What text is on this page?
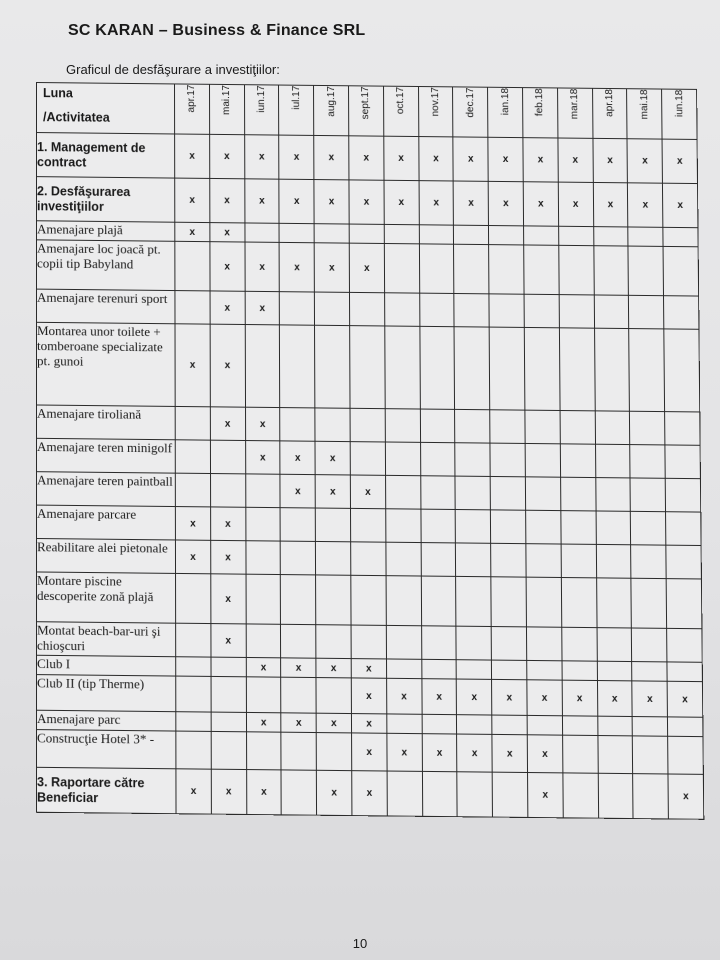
SC KARAN – Business & Finance SRL
Graficul de desfăşurare a investiţiilor:
Luna
/Activitatea	apr.17	mai.17	iun.17	iul.17	aug.17	sept.17	oct.17	nov.17	dec.17	ian.18	feb.18	mar.18	apr.18	mai.18	iun.18
1. Management de contract	x	x	x	x	x	x	x	x	x	x	x	x	x	x	x
2. Desfăşurarea investiţiilor	x	x	x	x	x	x	x	x	x	x	x	x	x	x	x
Amenajare plajă	x	x													
Amenajare loc joacă pt. copii tip Babyland		x	x	x	x	x									
Amenajare terenuri sport		x	x												
Montarea unor toilete + tomberoane specializate pt. gunoi	x	x													
Amenajare tiroliană		x	x												
Amenajare teren minigolf			x	x	x										
Amenajare teren paintball				x	x	x									
Amenajare parcare	x	x													
Reabilitare alei pietonale	x	x													
Montare piscine descoperite zonă plajă		x													
Montat beach-bar-uri şi chioşcuri		x													
Club I			x	x	x	x									
Club II (tip Therme)						x	x	x	x	x	x	x	x	x	x
Amenajare parc			x	x	x	x									
Construcţie Hotel 3* -						x	x	x	x	x	x				
3. Raportare către Beneficiar	x	x	x		x	x					x				x
10
